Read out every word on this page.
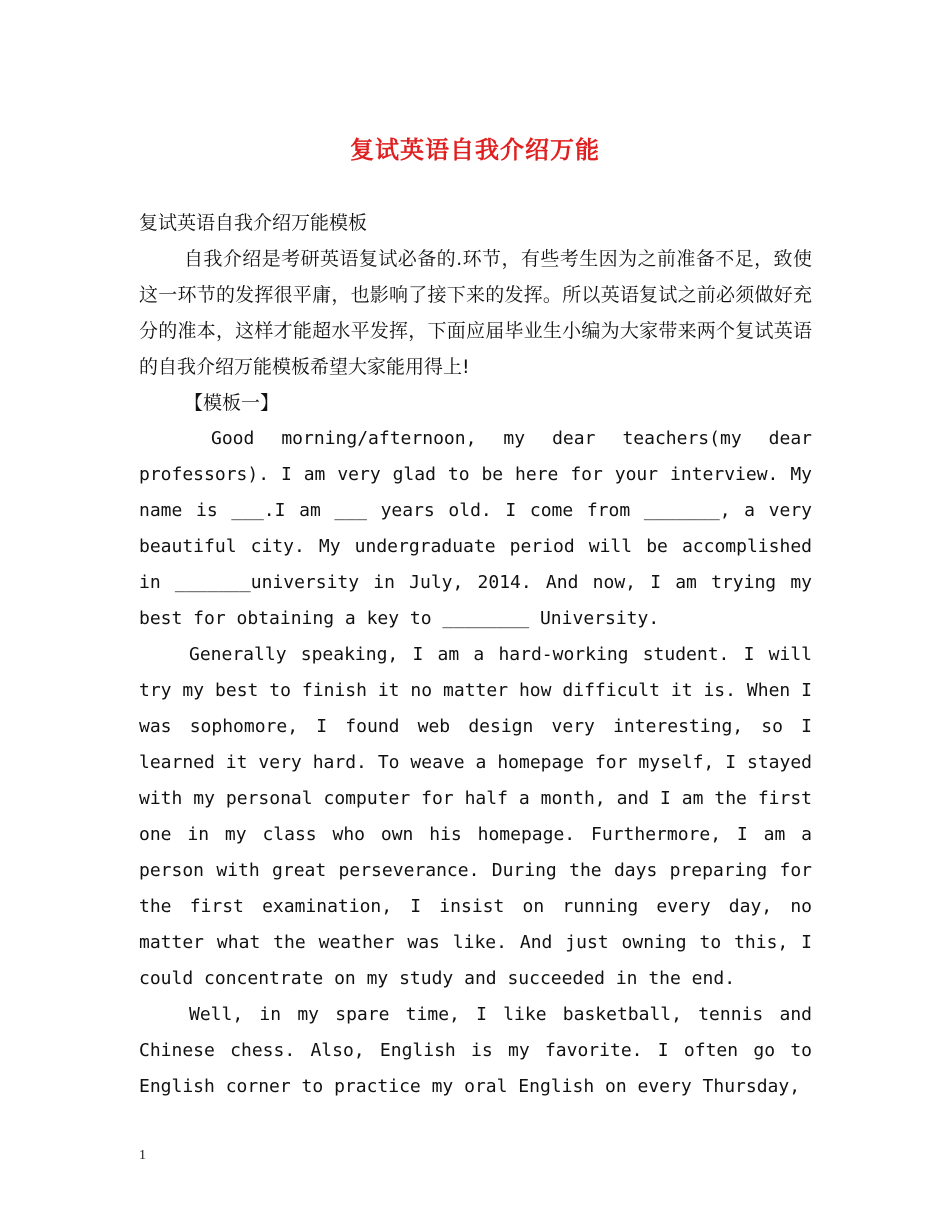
复试英语自我介绍万能

复试英语自我介绍万能模板

自我介绍是考研英语复试必备的.环节，有些考生因为之前准备不足，致使这一环节的发挥很平庸，也影响了接下来的发挥。所以英语复试之前必须做好充分的准本，这样才能超水平发挥，下面应届毕业生小编为大家带来两个复试英语的自我介绍万能模板希望大家能用得上!

【模板一】

Good morning/afternoon, my dear teachers(my dear professors). I am very glad to be here for your interview. My name is ___.I am ___ years old. I come from _______, a very beautiful city. My undergraduate period will be accomplished in _______university in July, 2014. And now, I am trying my best for obtaining a key to ________ University.

Generally speaking, I am a hard-working student. I will try my best to finish it no matter how difficult it is. When I was sophomore, I found web design very interesting, so I learned it very hard. To weave a homepage for myself, I stayed with my personal computer for half a month, and I am the first one in my class who own his homepage. Furthermore, I am a person with great perseverance. During the days preparing for the first examination, I insist on running every day, no matter what the weather was like. And just owning to this, I could concentrate on my study and succeeded in the end.

Well, in my spare time, I like basketball, tennis and Chinese chess. Also, English is my favorite. I often go to English corner to practice my oral English on every Thursday,

1
